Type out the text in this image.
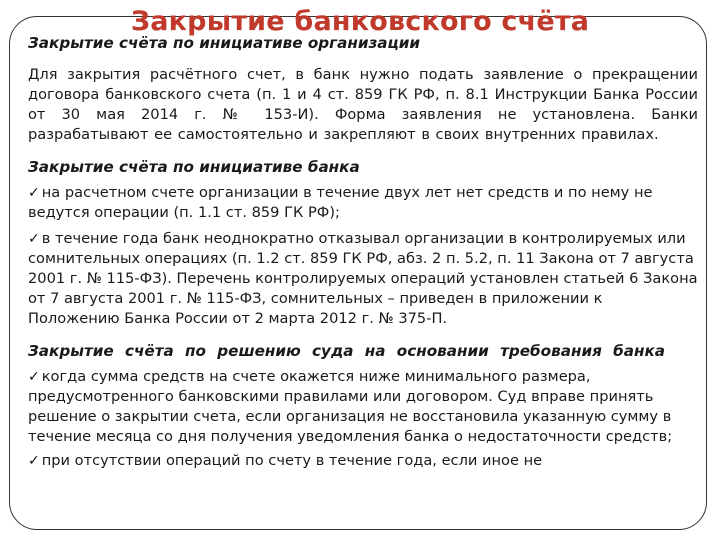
Закрытие банковского счёта

Закрытие счёта по инициативе организации

Для закрытия расчётного счет, в банк нужно подать заявление о прекращении договора банковского счета (п. 1 и 4 ст. 859 ГК РФ, п. 8.1 Инструкции Банка России от 30 мая 2014 г. № 153-И). Форма заявления не установлена. Банки разрабатывают ее самостоятельно и закрепляют в своих внутренних правилах.

Закрытие счёта по инициативе банка

✓ на расчетном счете организации в течение двух лет нет средств и по нему не ведутся операции (п. 1.1 ст. 859 ГК РФ);

✓ в течение года банк неоднократно отказывал организации в контролируемых или сомнительных операциях (п. 1.2 ст. 859 ГК РФ, абз. 2 п. 5.2, п. 11 Закона от 7 августа 2001 г. № 115-ФЗ). Перечень контролируемых операций установлен статьей 6 Закона от 7 августа 2001 г. № 115-ФЗ, сомнительных – приведен в приложении к Положению Банка России от 2 марта 2012 г. № 375-П.

Закрытие счёта по решению суда на основании требования банка

✓ когда сумма средств на счете окажется ниже минимального размера, предусмотренного банковскими правилами или договором. Суд вправе принять решение о закрытии счета, если организация не восстановила указанную сумму в течение месяца со дня получения уведомления банка о недостаточности средств;

✓ при отсутствии операций по счету в течение года, если иное не
